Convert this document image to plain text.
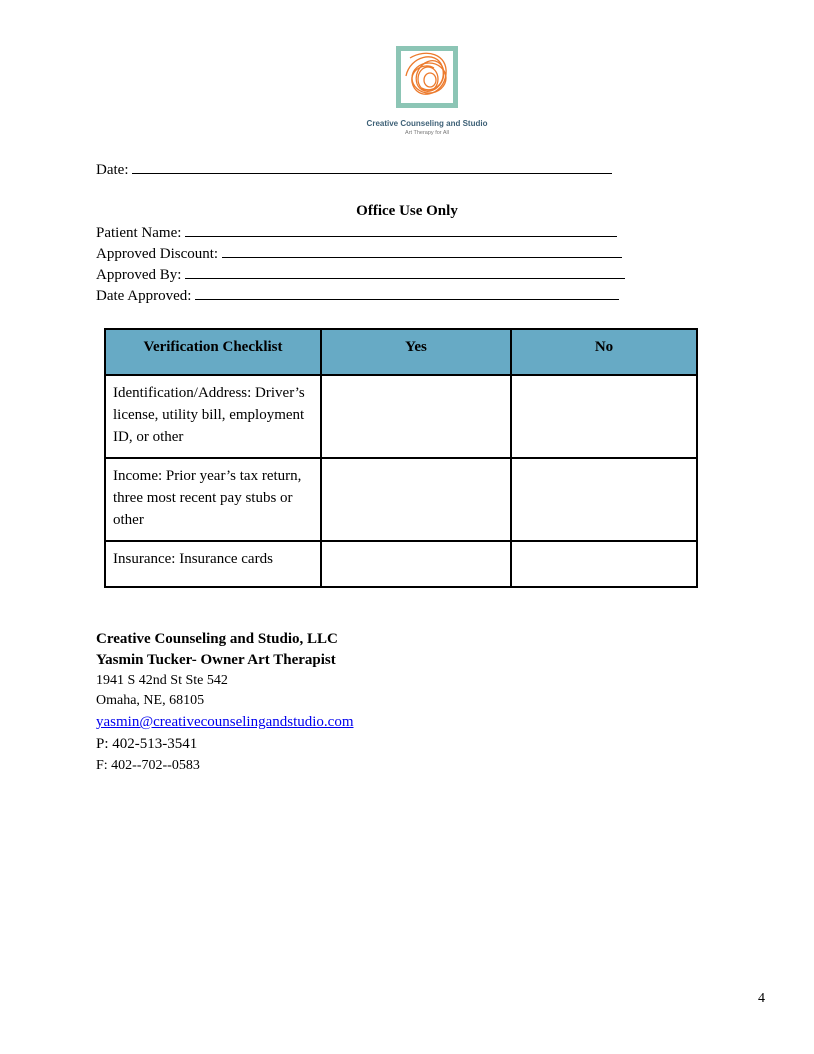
Creative Counseling and Studio
Art Therapy for All
Date:
Office Use Only
Patient Name:
Approved Discount:
Approved By:
Date Approved:
Verification Checklist	Yes	No
Identification/Address: Driver’s license, utility bill, employment ID, or other		
Income: Prior year’s tax return, three most recent pay stubs or other		
Insurance: Insurance cards		
Creative Counseling and Studio, LLC
Yasmin Tucker- Owner Art Therapist
1941 S 42nd St Ste 542
Omaha, NE, 68105
yasmin@creativecounselingandstudio.com
P: 402-513-3541
F: 402--702--0583
4
